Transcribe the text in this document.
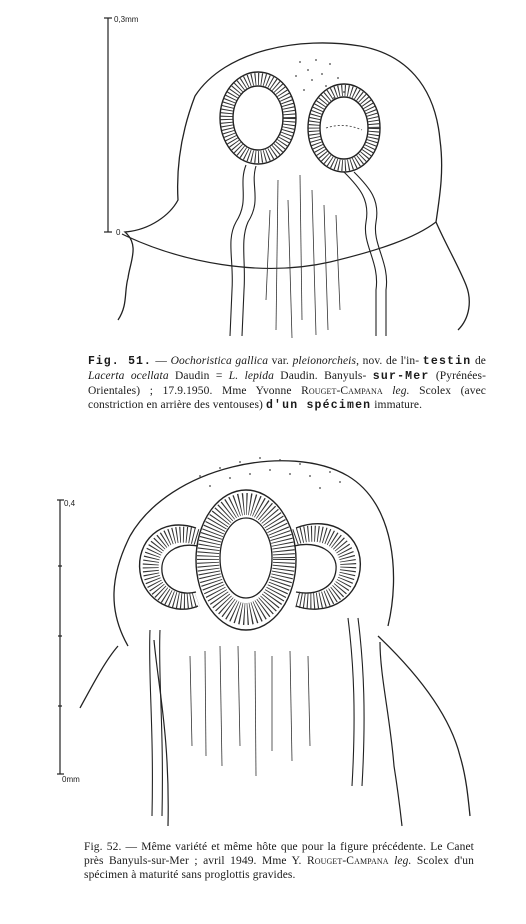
0,3mm
0
Fig. 51. — Oochoristica gallica var. pleionorcheis, nov. de l'in- testin de Lacerta ocellata Daudin = L. lepida Daudin. Banyuls- sur-Mer (Pyrénées-Orientales) ; 17.9.1950. Mme Yvonne Rouget-Campana leg. Scolex (avec constriction en arrière des ventouses) d'un spécimen immature.
0,4
0mm
Fig. 52. — Même variété et même hôte que pour la figure précédente. Le Canet près Banyuls-sur-Mer ; avril 1949. Mme Y. Rouget-Campana leg. Scolex d'un spécimen à maturité sans proglottis gravides.
